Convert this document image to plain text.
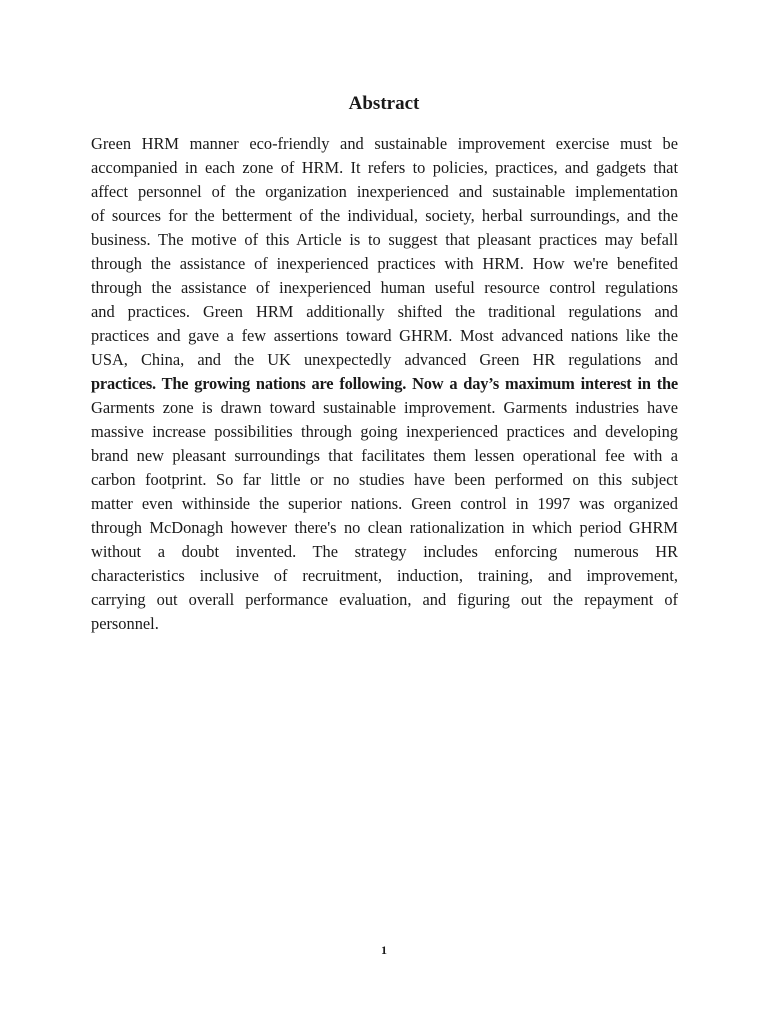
Abstract
Green HRM manner eco-friendly and sustainable improvement exercise must be
accompanied in each zone of HRM. It refers to policies, practices, and gadgets that
affect personnel of the organization inexperienced and sustainable implementation
of sources for the betterment of the individual, society, herbal surroundings, and the
business. The motive of this Article is to suggest that pleasant practices may befall
through the assistance of inexperienced practices with HRM. How we're benefited
through the assistance of inexperienced human useful resource control regulations
and practices. Green HRM additionally shifted the traditional regulations and
practices and gave a few assertions toward GHRM. Most advanced nations like the
USA, China, and the UK unexpectedly advanced Green HR regulations and
practices. The growing nations are following. Now a day’s maximum interest in the
Garments zone is drawn toward sustainable improvement. Garments industries have
massive increase possibilities through going inexperienced practices and developing
brand new pleasant surroundings that facilitates them lessen operational fee with a
carbon footprint. So far little or no studies have been performed on this subject
matter even withinside the superior nations. Green control in 1997 was organized
through McDonagh however there's no clean rationalization in which period GHRM
without a doubt invented. The strategy includes enforcing numerous HR
characteristics inclusive of recruitment, induction, training, and improvement,
carrying out overall performance evaluation, and figuring out the repayment of
personnel.
1
